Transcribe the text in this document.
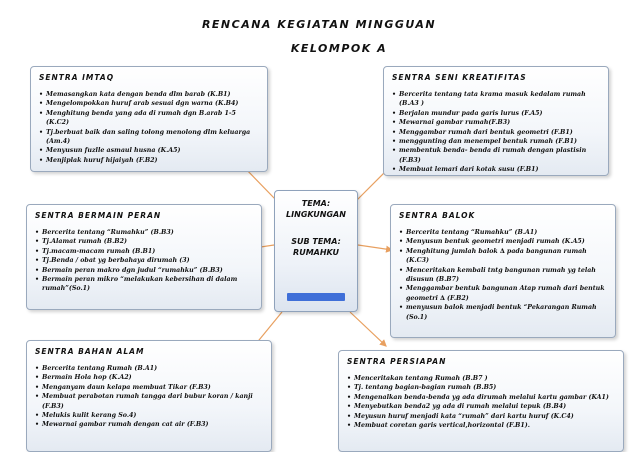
RENCANA KEGIATAN MINGGUAN
KELOMPOK A
SENTRA IMTAQ
• Memasangkan kata dengan benda dlm barab (K.B1)
• Mengelompokkan huruf arab sesuai dgn warna (K.B4)
• Menghitung benda yang ada di rumah dgn B.arab 1-5 (K.C2)
• Tj.berbuat baik dan saling tolong menolong dlm keluarga (Am.4)
• Menyusun fuzlle asmaul husna (K.A5)
• Menjiplak huruf hijaiyah (F.B2)
SENTRA SENI KREATIFITAS
• Bercerita tentang tata krama masuk kedalam rumah (B.A3 )
• Berjalan mundur pada garis lurus (F.A5)
• Mewarnai gambar rumah(F.B3)
• Menggambar rumah dari bentuk geometri (F.B1)
• menggunting dan menempel bentuk rumah (F.B1)
• membentuk benda- benda di rumah dengan plastisin (F.B3)
• Membuat lemari dari kotak susu (F.B1)
SENTRA BERMAIN PERAN
• Bercerita tentang “Rumahku” (B.B3)
• Tj.Alamat rumah (B.B2)
• Tj.macam-macam rumah (B.B1)
• Tj.Benda / obat yg berbahaya dirumah (3)
• Bermain peran makro dgn judul “rumahku” (B.B3)
• Bermain peran mikro “melakukan kebersihan di dalam rumah”(So.1)
SENTRA BALOK
• Bercerita tentang “Rumahku” (B.A1)
• Menyusun bentuk geometri menjadi rumah (K.A5)
• Menghitung jumlah balok ∆ pada bangunan rumah (K.C3)
• Menceritakan kembali tntg bangunan rumah yg telah disusun (B.B7)
• Menggambar bentuk bangunan Atap rumah dari bentuk geometri ∆ (F.B2)
• menyusun balok menjadi bentuk “Pekarangan Rumah (So.1)
TEMA:
LINGKUNGAN
SUB TEMA:
RUMAHKU
SENTRA BAHAN ALAM
• Bercerita tentang Rumah (B.A1)
• Bermain Hola hop (K.A2)
• Menganyam daun kelapa membuat Tikar (F.B3)
• Membuat perabotan rumah tangga dari bubur koran / kanji (F.B3)
• Melukis kulit kerang So.4)
• Mewarnai gambar rumah dengan cat air (F.B3)
SENTRA PERSIAPAN
• Menceritakan tentang Rumah (B.B7 )
• Tj. tentang bagian-bagian rumah (B.B5)
• Mengenalkan benda-benda yg ada dirumah melalui kartu gambar (KA1)
• Menyebutkan benda2 yg ada di rumah melalui tepuk (B.B4)
• Meyusun huruf menjadi kata “rumah” dari kartu huruf (K.C4)
• Membuat coretan garis vertical,horizontal (F.B1).
